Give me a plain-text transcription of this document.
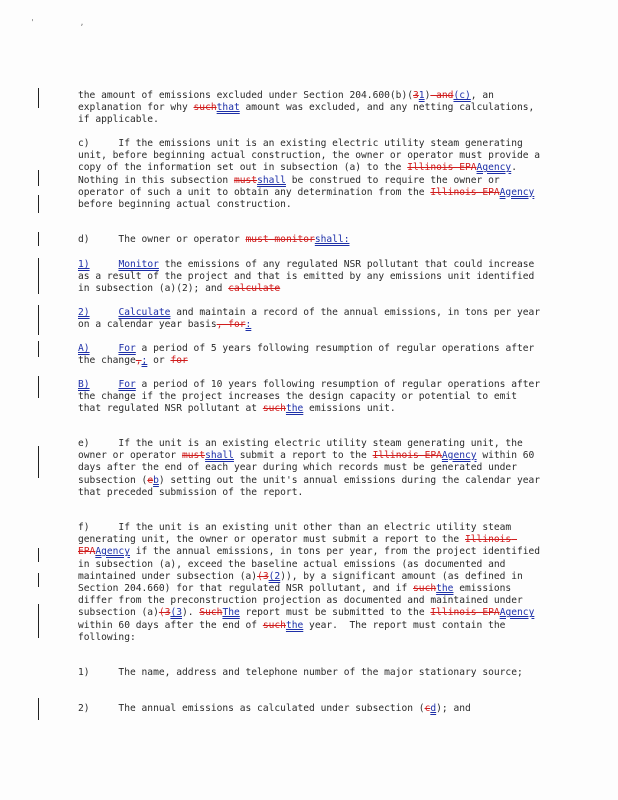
' ,
the amount of emissions excluded under Section 204.600(b)(31) and(c), an explanation for why suchthat amount was excluded, and any netting calculations, if applicable.
c)     If the emissions unit is an existing electric utility steam generating unit, before beginning actual construction, the owner or operator must provide a copy of the information set out in subsection (a) to the Illinois EPAAgency.  Nothing in this subsection mustshall be construed to require the owner or operator of such a unit to obtain any determination from the Illinois EPAAgency before beginning actual construction.
d)     The owner or operator must monitorshall:
1)	Monitor the emissions of any regulated NSR pollutant that could increase as a result of the project and that is emitted by any emissions unit identified in subsection (a)(2); and calculate
2)	Calculate and maintain a record of the annual emissions, in tons per year on a calendar year basis, for:
A)	For a period of 5 years following resumption of regular operations after the change,; or for
B)	For a period of 10 years following resumption of regular operations after the change if the project increases the design capacity or potential to emit that regulated NSR pollutant at suchthe emissions unit.
e)     If the unit is an existing electric utility steam generating unit, the owner or operator mustshall submit a report to the Illinois EPAAgency within 60 days after the end of each year during which records must be generated under subsection (eb) setting out the unit's annual emissions during the calendar year that preceded submission of the report.
f)     If the unit is an existing unit other than an electric utility steam generating unit, the owner or operator must submit a report to the Illinois EPAAgency if the annual emissions, in tons per year, from the project identified in subsection (a), exceed the baseline actual emissions (as documented and maintained under subsection (a)(3(2)), by a significant amount (as defined in Section 204.660) for that regulated NSR pollutant, and if suchthe emissions differ from the preconstruction projection as documented and maintained under subsection (a)(3(3). SuchThe report must be submitted to the Illinois EPAAgency within 60 days after the end of suchthe year.  The report must contain the following:
1)     The name, address and telephone number of the major stationary source;
2)     The annual emissions as calculated under subsection (cd); and
